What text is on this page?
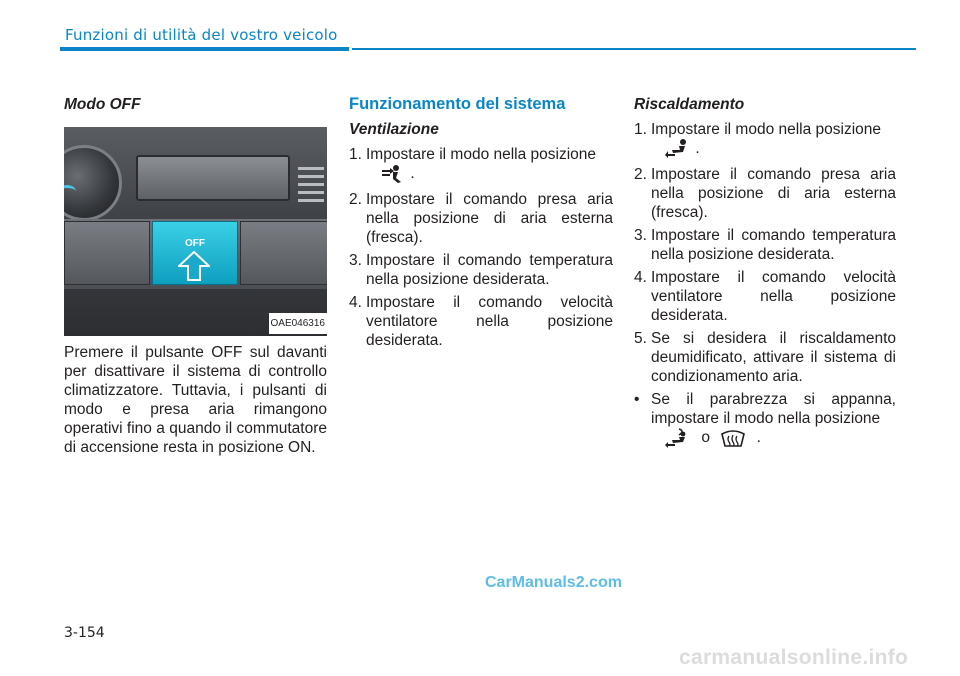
Funzioni di utilità del vostro veicolo
Modo OFF
OFF
OAE046316

Premere il pulsante OFF sul davanti per disattivare il sistema di controllo climatizzatore. Tuttavia, i pulsanti di modo e presa aria rimangono operativi fino a quando il commutatore di accensione resta in posizione ON.

Funzionamento del sistema
Ventilazione
1. Impostare il modo nella posizione
.
2. Impostare il comando presa aria nella posizione di aria esterna (fresca).
3. Impostare il comando temperatura nella posizione desiderata.
4. Impostare il comando velocità ventilatore nella posizione desiderata.
Riscaldamento
1. Impostare il modo nella posizione
.
2. Impostare il comando presa aria nella posizione di aria esterna (fresca).
3. Impostare il comando temperatura nella posizione desiderata.
4. Impostare il comando velocità ventilatore nella posizione desiderata.
5. Se si desidera il riscaldamento deumidificato, attivare il sistema di condizionamento aria.
• Se il parabrezza si appanna, impostare il modo nella posizione
o	.
CarManuals2.com
3-154
carmanualsonline.info
